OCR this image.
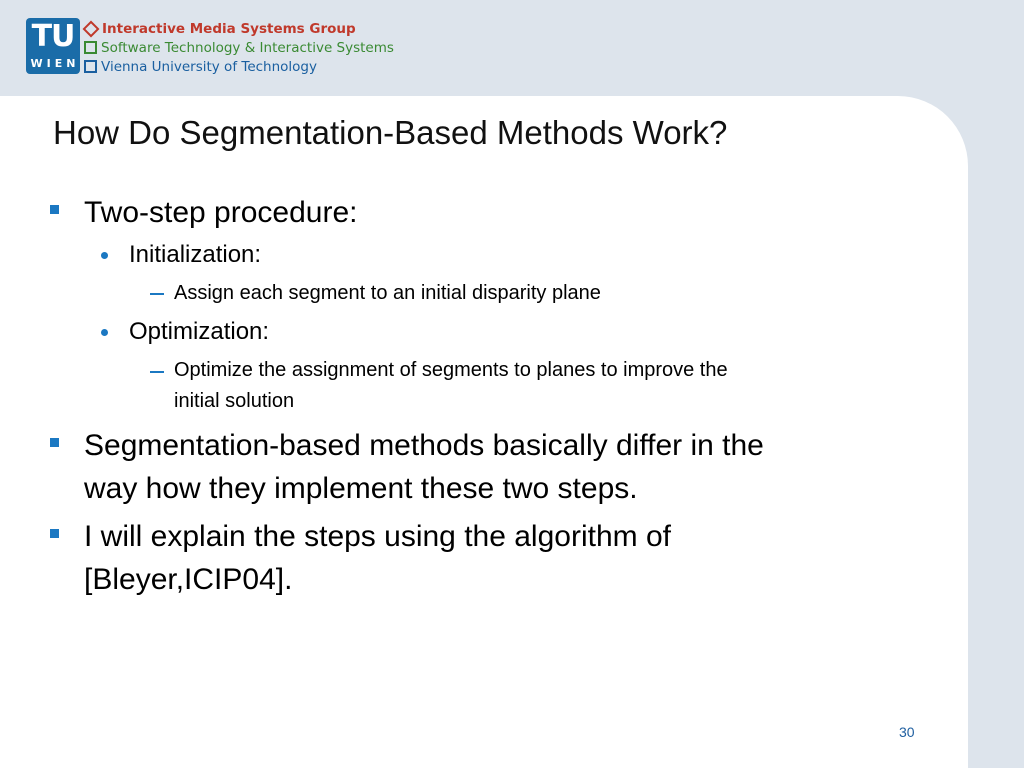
TU
WIEN
Interactive Media Systems Group
Software Technology & Interactive Systems
Vienna University of Technology
How Do Segmentation-Based Methods Work?
Two-step procedure:
Initialization:
Assign each segment to an initial disparity plane
Optimization:
Optimize the assignment of segments to planes to improve the
initial solution
Segmentation-based methods basically differ in the
way how they implement these two steps.
I will explain the steps using the algorithm of
[Bleyer,ICIP04].
30
